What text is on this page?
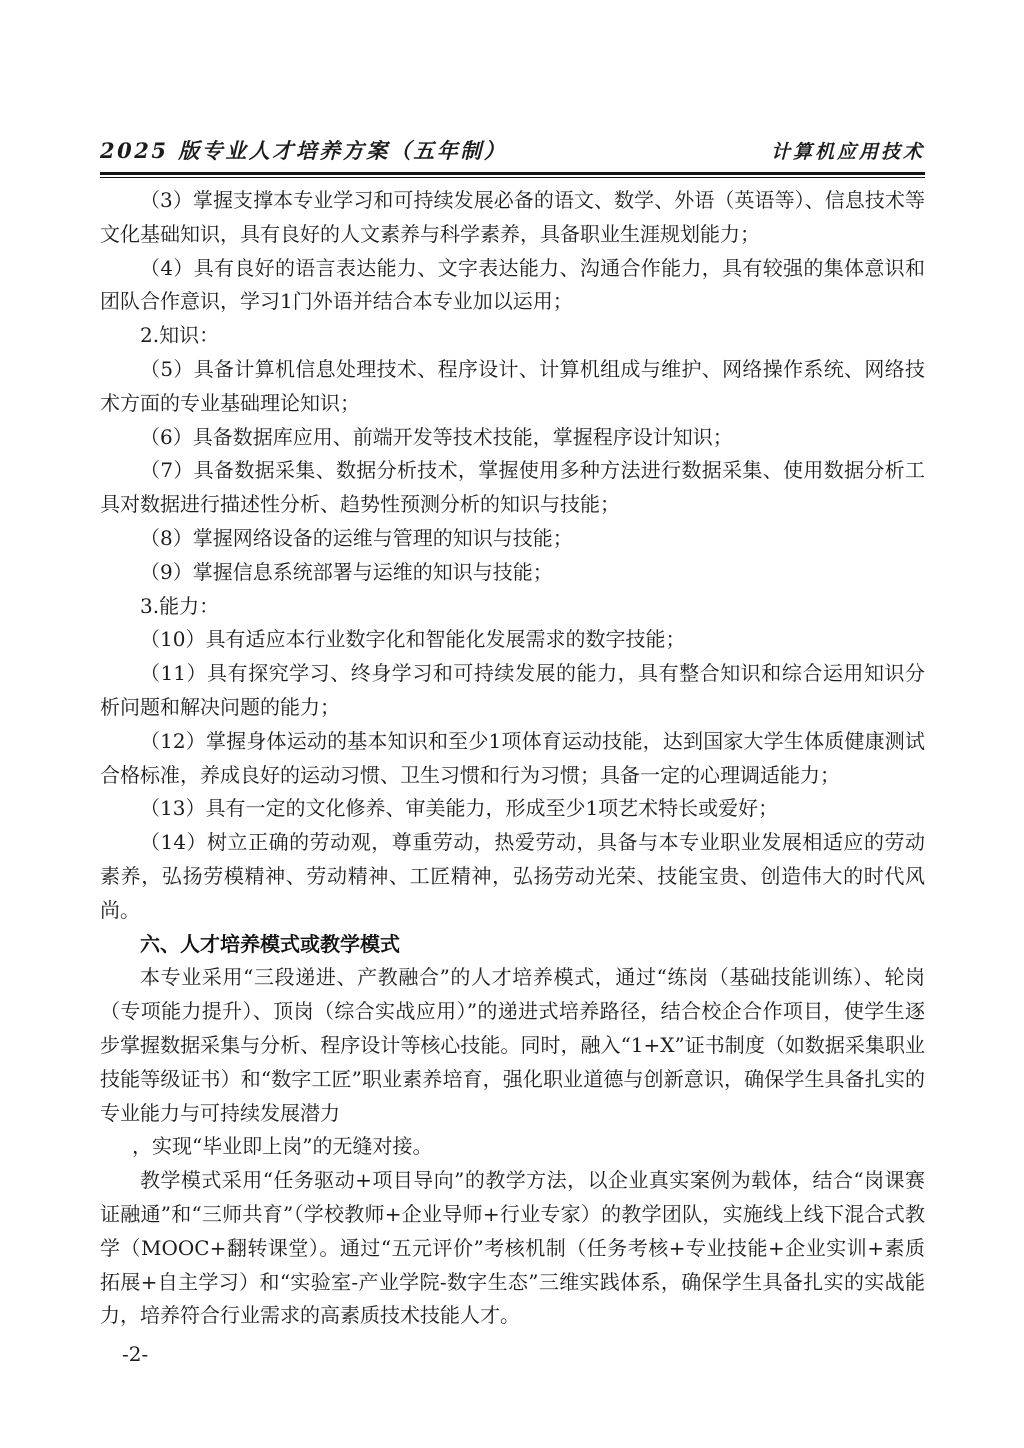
2025 版专业人才培养方案（五年制）	计算机应用技术

（3）掌握支撑本专业学习和可持续发展必备的语文、数学、外语（英语等）、信息技术等文化基础知识，具有良好的人文素养与科学素养，具备职业生涯规划能力；

（4）具有良好的语言表达能力、文字表达能力、沟通合作能力，具有较强的集体意识和团队合作意识，学习1门外语并结合本专业加以运用；

2.知识：

（5）具备计算机信息处理技术、程序设计、计算机组成与维护、网络操作系统、网络技术方面的专业基础理论知识；

（6）具备数据库应用、前端开发等技术技能，掌握程序设计知识；

（7）具备数据采集、数据分析技术，掌握使用多种方法进行数据采集、使用数据分析工具对数据进行描述性分析、趋势性预测分析的知识与技能；

（8）掌握网络设备的运维与管理的知识与技能；

（9）掌握信息系统部署与运维的知识与技能；

3.能力：

（10）具有适应本行业数字化和智能化发展需求的数字技能；

（11）具有探究学习、终身学习和可持续发展的能力，具有整合知识和综合运用知识分析问题和解决问题的能力；

（12）掌握身体运动的基本知识和至少1项体育运动技能，达到国家大学生体质健康测试合格标准，养成良好的运动习惯、卫生习惯和行为习惯；具备一定的心理调适能力；

（13）具有一定的文化修养、审美能力，形成至少1项艺术特长或爱好；

（14）树立正确的劳动观，尊重劳动，热爱劳动，具备与本专业职业发展相适应的劳动素养，弘扬劳模精神、劳动精神、工匠精神，弘扬劳动光荣、技能宝贵、创造伟大的时代风尚。

六、人才培养模式或教学模式

本专业采用“三段递进、产教融合”的人才培养模式，通过“练岗（基础技能训练）、轮岗（专项能力提升）、顶岗（综合实战应用）”的递进式培养路径，结合校企合作项目，使学生逐步掌握数据采集与分析、程序设计等核心技能。同时，融入“1+X”证书制度（如数据采集职业技能等级证书）和“数字工匠”职业素养培育，强化职业道德与创新意识，确保学生具备扎实的专业能力与可持续发展潜力

，实现“毕业即上岗”的无缝对接。

教学模式采用“任务驱动+项目导向”的教学方法，以企业真实案例为载体，结合“岗课赛证融通”和“三师共育”（学校教师+企业导师+行业专家）的教学团队，实施线上线下混合式教学（MOOC+翻转课堂）。通过“五元评价”考核机制（任务考核+专业技能+企业实训+素质拓展+自主学习）和“实验室-产业学院-数字生态”三维实践体系，确保学生具备扎实的实战能力，培养符合行业需求的高素质技术技能人才。

-2-
